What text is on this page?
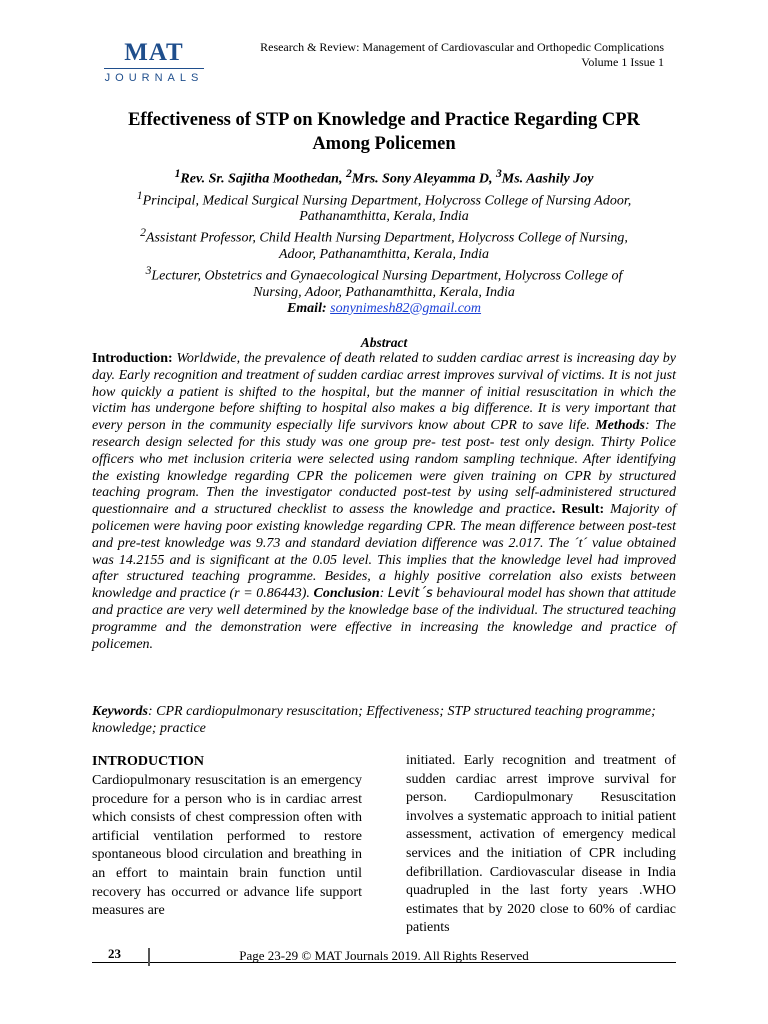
MAT
JOURNALS
Research & Review: Management of Cardiovascular and Orthopedic Complications
Volume 1 Issue 1
Effectiveness of STP on Knowledge and Practice Regarding CPR
Among Policemen

$^1$Rev. Sr. Sajitha Moothedan, $^2$Mrs. Sony Aleyamma D, $^3$Ms. Aashily Joy

$^1$Principal, Medical Surgical Nursing Department, Holycross College of Nursing Adoor,
Pathanamthitta, Kerala, India

$^2$Assistant Professor, Child Health Nursing Department, Holycross College of Nursing,
Adoor, Pathanamthitta, Kerala, India

$^3$Lecturer, Obstetrics and Gynaecological Nursing Department, Holycross College of
Nursing, Adoor, Pathanamthitta, Kerala, India

Email: sonynimesh82@gmail.com

Abstract

Introduction: Worldwide, the prevalence of death related to sudden cardiac arrest is increasing day by day. Early recognition and treatment of sudden cardiac arrest improves survival of victims. It is not just how quickly a patient is shifted to the hospital, but the manner of initial resuscitation in which the victim has undergone before shifting to hospital also makes a big difference. It is very important that every person in the community especially life survivors know about CPR to save life. Methods: The research design selected for this study was one group pre- test post- test only design. Thirty Police officers who met inclusion criteria were selected using random sampling technique. After identifying the existing knowledge regarding CPR the policemen were given training on CPR by structured teaching program. Then the investigator conducted post-test by using self-administered structured questionnaire and a structured checklist to assess the knowledge and practice. Result: Majority of policemen were having poor existing knowledge regarding CPR. The mean difference between post-test and pre-test knowledge was 9.73 and standard deviation difference was 2.017. The ´t´ value obtained was 14.2155 and is significant at the 0.05 level. This implies that the knowledge level had improved after structured teaching programme. Besides, a highly positive correlation also exists between knowledge and practice (r = 0.86443). Conclusion: Levit´s behavioural model has shown that attitude and practice are very well determined by the knowledge base of the individual. The structured teaching programme and the demonstration were effective in increasing the knowledge and practice of policemen.

Keywords: CPR cardiopulmonary resuscitation; Effectiveness; STP structured teaching programme; knowledge; practice

INTRODUCTION

Cardiopulmonary resuscitation is an emergency procedure for a person who is in cardiac arrest which consists of chest compression often with artificial ventilation performed to restore spontaneous blood circulation and breathing in an effort to maintain brain function until recovery has occurred or advance life support measures are

initiated. Early recognition and treatment of sudden cardiac arrest improve survival for person. Cardiopulmonary Resuscitation involves a systematic approach to initial patient assessment, activation of emergency medical services and the initiation of CPR including defibrillation. Cardiovascular disease in India quadrupled in the last forty years .WHO estimates that by 2020 close to 60% of cardiac patients

23	Page 23-29 © MAT Journals 2019. All Rights Reserved
